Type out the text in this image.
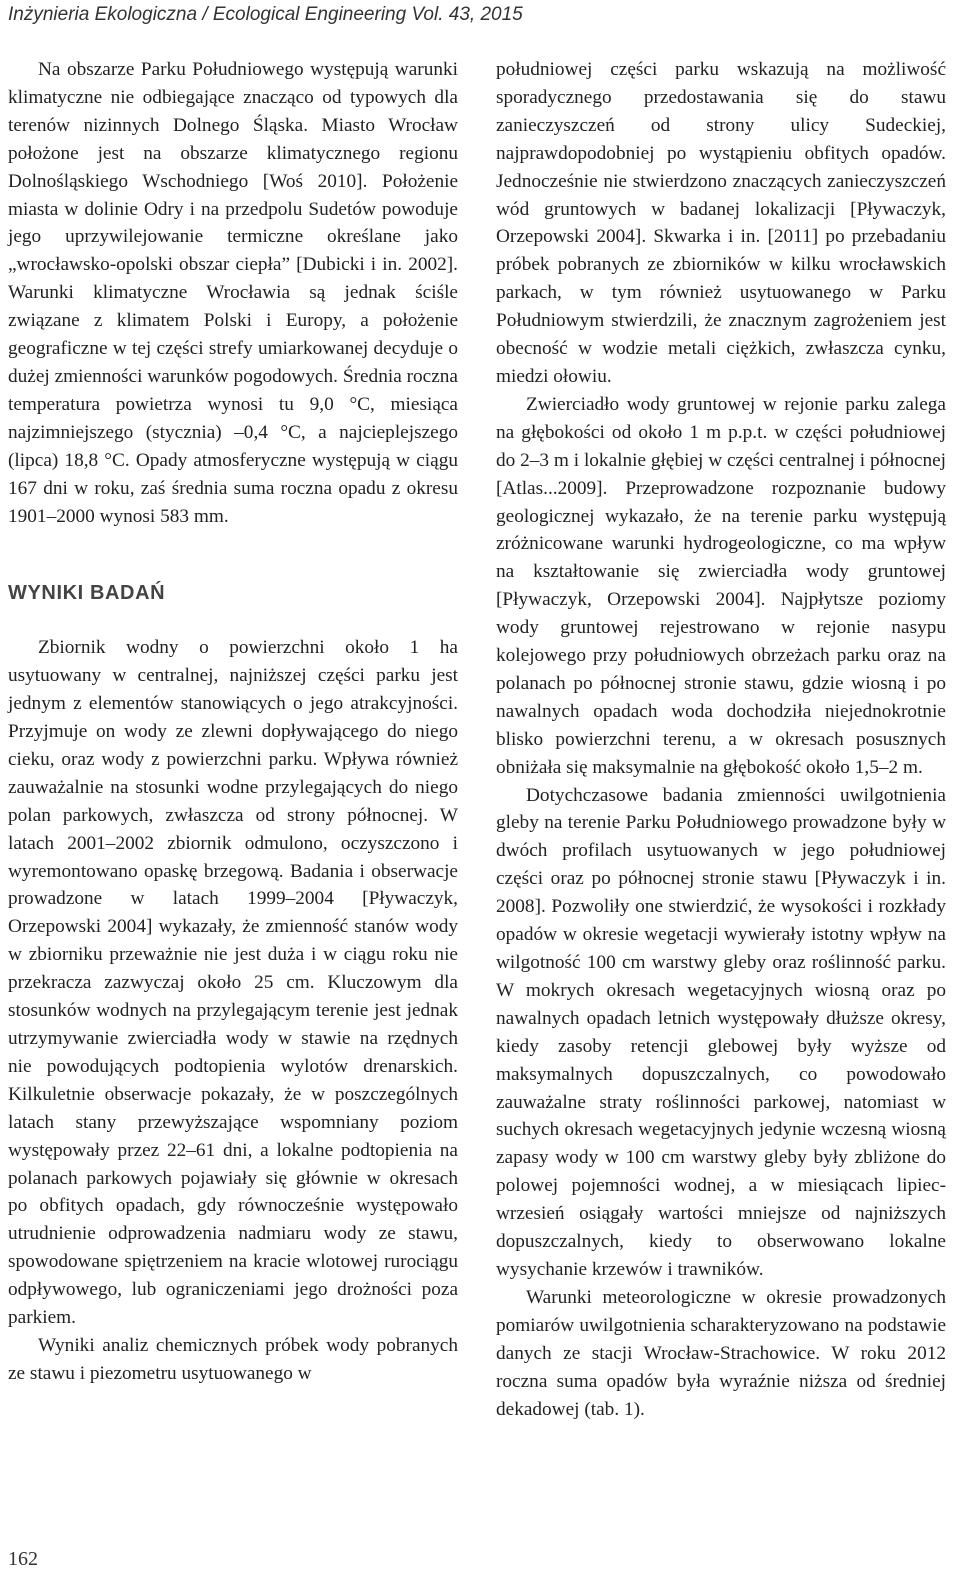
Inżynieria Ekologiczna / Ecological Engineering Vol. 43, 2015

Na obszarze Parku Południowego występują warunki klimatyczne nie odbiegające znacząco od typowych dla terenów nizinnych Dolnego Śląska. Miasto Wrocław położone jest na obszarze klimatycznego regionu Dolnośląskiego Wschodniego [Woś 2010]. Położenie miasta w dolinie Odry i na przedpolu Sudetów powoduje jego uprzywilejowanie termiczne określane jako „wrocławsko-opolski obszar ciepła” [Dubicki i in. 2002]. Warunki klimatyczne Wrocławia są jednak ściśle związane z klimatem Polski i Europy, a położenie geograficzne w tej części strefy umiarkowanej decyduje o dużej zmienności warunków pogodowych. Średnia roczna temperatura powietrza wynosi tu 9,0 °C, miesiąca najzimniejszego (stycznia) –0,4 °C, a najcieplejszego (lipca) 18,8 °C. Opady atmosferyczne występują w ciągu 167 dni w roku, zaś średnia suma roczna opadu z okresu 1901–2000 wynosi 583 mm.

WYNIKI BADAŃ

Zbiornik wodny o powierzchni około 1 ha usytuowany w centralnej, najniższej części parku jest jednym z elementów stanowiących o jego atrakcyjności. Przyjmuje on wody ze zlewni dopływającego do niego cieku, oraz wody z powierzchni parku. Wpływa również zauważalnie na stosunki wodne przylegających do niego polan parkowych, zwłaszcza od strony północnej. W latach 2001–2002 zbiornik odmulono, oczyszczono i wyremontowano opaskę brzegową. Badania i obserwacje prowadzone w latach 1999–2004 [Pływaczyk, Orzepowski 2004] wykazały, że zmienność stanów wody w zbiorniku przeważnie nie jest duża i w ciągu roku nie przekracza zazwyczaj około 25 cm. Kluczowym dla stosunków wodnych na przylegającym terenie jest jednak utrzymywanie zwierciadła wody w stawie na rzędnych nie powodujących podtopienia wylotów drenarskich. Kilkuletnie obserwacje pokazały, że w poszczególnych latach stany przewyższające wspomniany poziom występowały przez 22–61 dni, a lokalne podtopienia na polanach parkowych pojawiały się głównie w okresach po obfitych opadach, gdy równocześnie występowało utrudnienie odprowadzenia nadmiaru wody ze stawu, spowodowane spiętrzeniem na kracie wlotowej rurociągu odpływowego, lub ograniczeniami jego drożności poza parkiem.

Wyniki analiz chemicznych próbek wody pobranych ze stawu i piezometru usytuowanego w

południowej części parku wskazują na możliwość sporadycznego przedostawania się do stawu zanieczyszczeń od strony ulicy Sudeckiej, najprawdopodobniej po wystąpieniu obfitych opadów. Jednocześnie nie stwierdzono znaczących zanieczyszczeń wód gruntowych w badanej lokalizacji [Pływaczyk, Orzepowski 2004]. Skwarka i in. [2011] po przebadaniu próbek pobranych ze zbiorników w kilku wrocławskich parkach, w tym również usytuowanego w Parku Południowym stwierdzili, że znacznym zagrożeniem jest obecność w wodzie metali ciężkich, zwłaszcza cynku, miedzi ołowiu.

Zwierciadło wody gruntowej w rejonie parku zalega na głębokości od około 1 m p.p.t. w części południowej do 2–3 m i lokalnie głębiej w części centralnej i północnej [Atlas...2009]. Przeprowadzone rozpoznanie budowy geologicznej wykazało, że na terenie parku występują zróżnicowane warunki hydrogeologiczne, co ma wpływ na kształtowanie się zwierciadła wody gruntowej [Pływaczyk, Orzepowski 2004]. Najpłytsze poziomy wody gruntowej rejestrowano w rejonie nasypu kolejowego przy południowych obrzeżach parku oraz na polanach po północnej stronie stawu, gdzie wiosną i po nawalnych opadach woda dochodziła niejednokrotnie blisko powierzchni terenu, a w okresach posusznych obniżała się maksymalnie na głębokość około 1,5–2 m.

Dotychczasowe badania zmienności uwilgotnienia gleby na terenie Parku Południowego prowadzone były w dwóch profilach usytuowanych w jego południowej części oraz po północnej stronie stawu [Pływaczyk i in. 2008]. Pozwoliły one stwierdzić, że wysokości i rozkłady opadów w okresie wegetacji wywierały istotny wpływ na wilgotność 100 cm warstwy gleby oraz roślinność parku. W mokrych okresach wegetacyjnych wiosną oraz po nawalnych opadach letnich występowały dłuższe okresy, kiedy zasoby retencji glebowej były wyższe od maksymalnych dopuszczalnych, co powodowało zauważalne straty roślinności parkowej, natomiast w suchych okresach wegetacyjnych jedynie wczesną wiosną zapasy wody w 100 cm warstwy gleby były zbliżone do polowej pojemności wodnej, a w miesiącach lipiec-wrzesień osiągały wartości mniejsze od najniższych dopuszczalnych, kiedy to obserwowano lokalne wysychanie krzewów i trawników.

Warunki meteorologiczne w okresie prowadzonych pomiarów uwilgotnienia scharakteryzowano na podstawie danych ze stacji Wrocław-Strachowice. W roku 2012 roczna suma opadów była wyraźnie niższa od średniej dekadowej (tab. 1).

162
